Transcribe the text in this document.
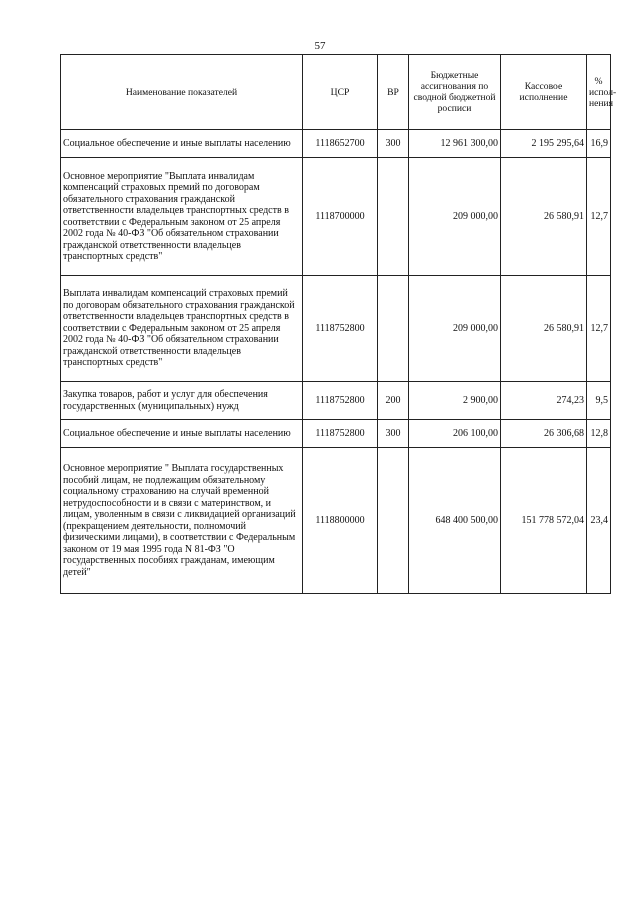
57
Наименование показателей	ЦСР	ВР	Бюджетные ассигнования по сводной бюджетной росписи	Кассовое исполнение	% испол-нения
Социальное обеспечение и иные выплаты населению	1118652700	300	12 961 300,00	2 195 295,64	16,9
Основное мероприятие "Выплата инвалидам компенсаций страховых премий по договорам обязательного страхования гражданской ответственности владельцев транспортных средств в соответствии с Федеральным законом от 25 апреля 2002 года № 40-ФЗ "Об обязательном страховании гражданской ответственности владельцев транспортных средств"	1118700000		209 000,00	26 580,91	12,7
Выплата инвалидам компенсаций страховых премий по договорам обязательного страхования гражданской ответственности владельцев транспортных средств в соответствии с Федеральным законом от 25 апреля 2002 года № 40-ФЗ "Об обязательном страховании гражданской ответственности владельцев транспортных средств"	1118752800		209 000,00	26 580,91	12,7
Закупка товаров, работ и услуг для обеспечения государственных (муниципальных) нужд	1118752800	200	2 900,00	274,23	9,5
Социальное обеспечение и иные выплаты населению	1118752800	300	206 100,00	26 306,68	12,8
Основное мероприятие " Выплата государственных пособий лицам, не подлежащим обязательному социальному страхованию на случай временной нетрудоспособности и в связи с материнством, и лицам, уволенным в связи с ликвидацией организаций (прекращением деятельности, полномочий физическими лицами), в соответствии с Федеральным законом от 19 мая 1995 года N 81-ФЗ "О государственных пособиях гражданам, имеющим детей"	1118800000		648 400 500,00	151 778 572,04	23,4
